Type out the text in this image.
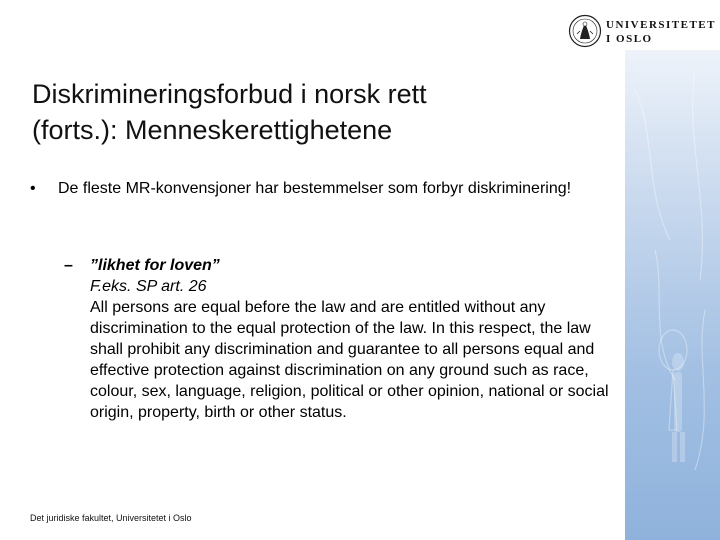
UNIVERSITETET
I OSLO
Diskrimineringsforbud i norsk rett
(forts.): Menneskerettighetene
• De fleste MR-konvensjoner har bestemmelser som forbyr diskriminering!
– ”likhet for loven”
F.eks. SP art. 26
All persons are equal before the law and are entitled without any discrimination to the equal protection of the law. In this respect, the law shall prohibit any discrimination and guarantee to all persons equal and effective protection against discrimination on any ground such as race, colour, sex, language, religion, political or other opinion, national or social origin, property, birth or other status.
Det juridiske fakultet, Universitetet i Oslo
